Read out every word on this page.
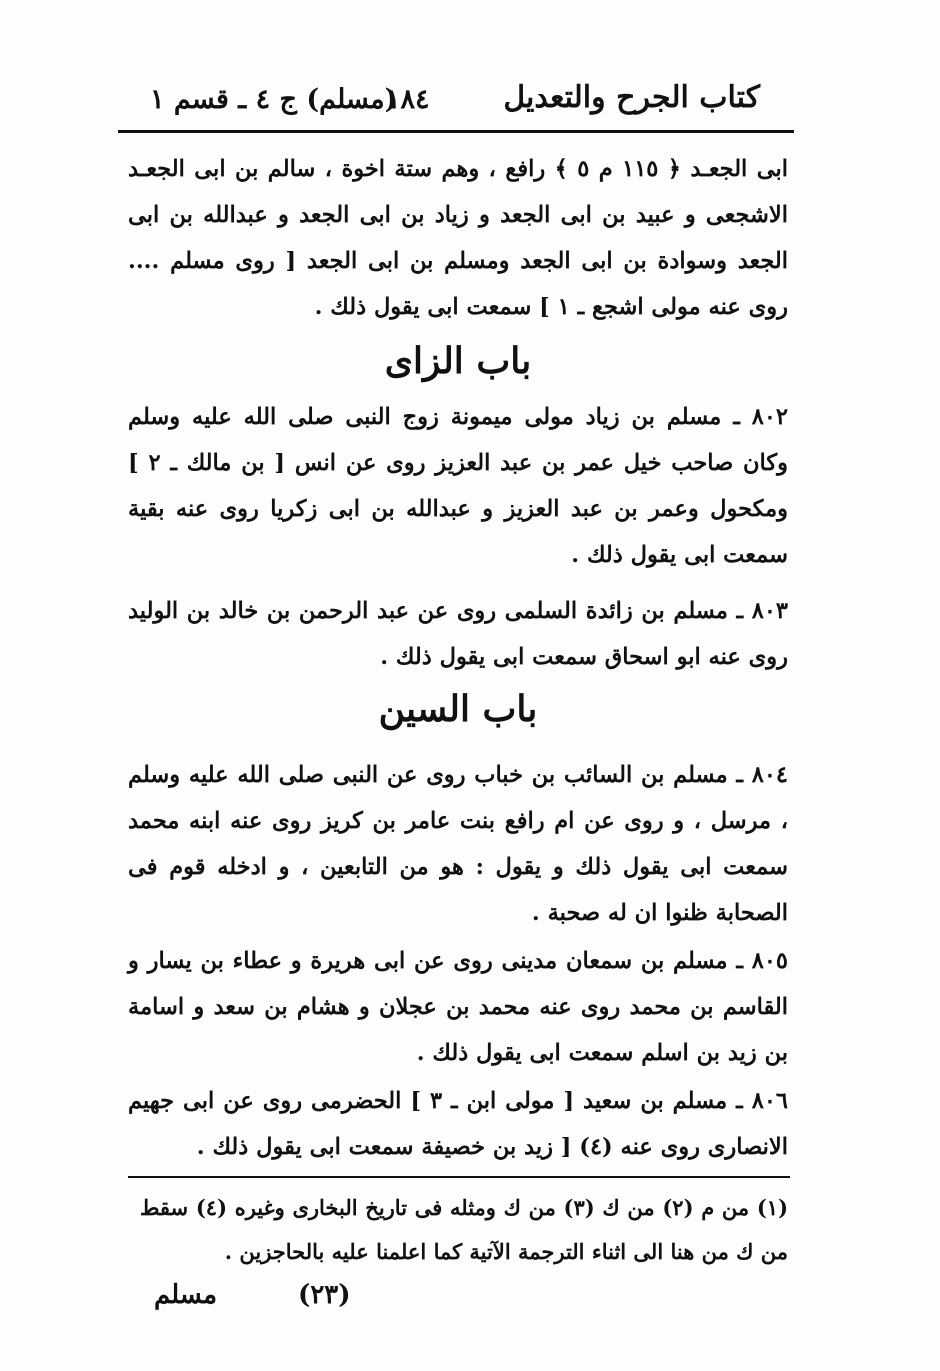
كتاب الجرح والتعديل
١٨٤
(مسلم) ج ٤ ـ قسم ١
ابى الجعـد ﴿ ١١٥ م ٥ ﴾ رافع ، وهم ستة اخوة ، سالم بن ابى الجعـد الاشجعى و عبيد بن ابى الجعد و زياد بن ابى الجعد و عبدالله بن ابى الجعد وسوادة بن ابى الجعد ومسلم بن ابى الجعد [ روى مسلم .... روى عنه مولى اشجع ـ ١ ] سمعت ابى يقول ذلك .
باب الزاى
٨٠٢ ـ مسلم بن زياد مولى ميمونة زوج النبى صلى الله عليه وسلم وكان صاحب خيل عمر بن عبد العزيز روى عن انس [ بن مالك ـ ٢ ] ومكحول وعمر بن عبد العزيز و عبدالله بن ابى زكريا روى عنه بقية سمعت ابى يقول ذلك .
٨٠٣ ـ مسلم بن زائدة السلمى روى عن عبد الرحمن بن خالد بن الوليد روى عنه ابو اسحاق سمعت ابى يقول ذلك .
باب السين
٨٠٤ ـ مسلم بن السائب بن خباب روى عن النبى صلى الله عليه وسلم ، مرسل ، و روى عن ام رافع بنت عامر بن كريز روى عنه ابنه محمد سمعت ابى يقول ذلك و يقول : هو من التابعين ، و ادخله قوم فى الصحابة ظنوا ان له صحبة .
٨٠٥ ـ مسلم بن سمعان مدينى روى عن ابى هريرة و عطاء بن يسار و القاسم بن محمد روى عنه محمد بن عجلان و هشام بن سعد و اسامة بن زيد بن اسلم سمعت ابى يقول ذلك .
٨٠٦ ـ مسلم بن سعيد [ مولى ابن ـ ٣ ] الحضرمى روى عن ابى جهيم الانصارى روى عنه (٤) [ زيد بن خصيفة سمعت ابى يقول ذلك .
(١) من م (٢) من ك (٣) من ك ومثله فى تاريخ البخارى وغيره (٤) سقط من ك من هنا الى اثناء الترجمة الآتية كما اعلمنا عليه بالحاجزين .
(٢٣)
مسلم
